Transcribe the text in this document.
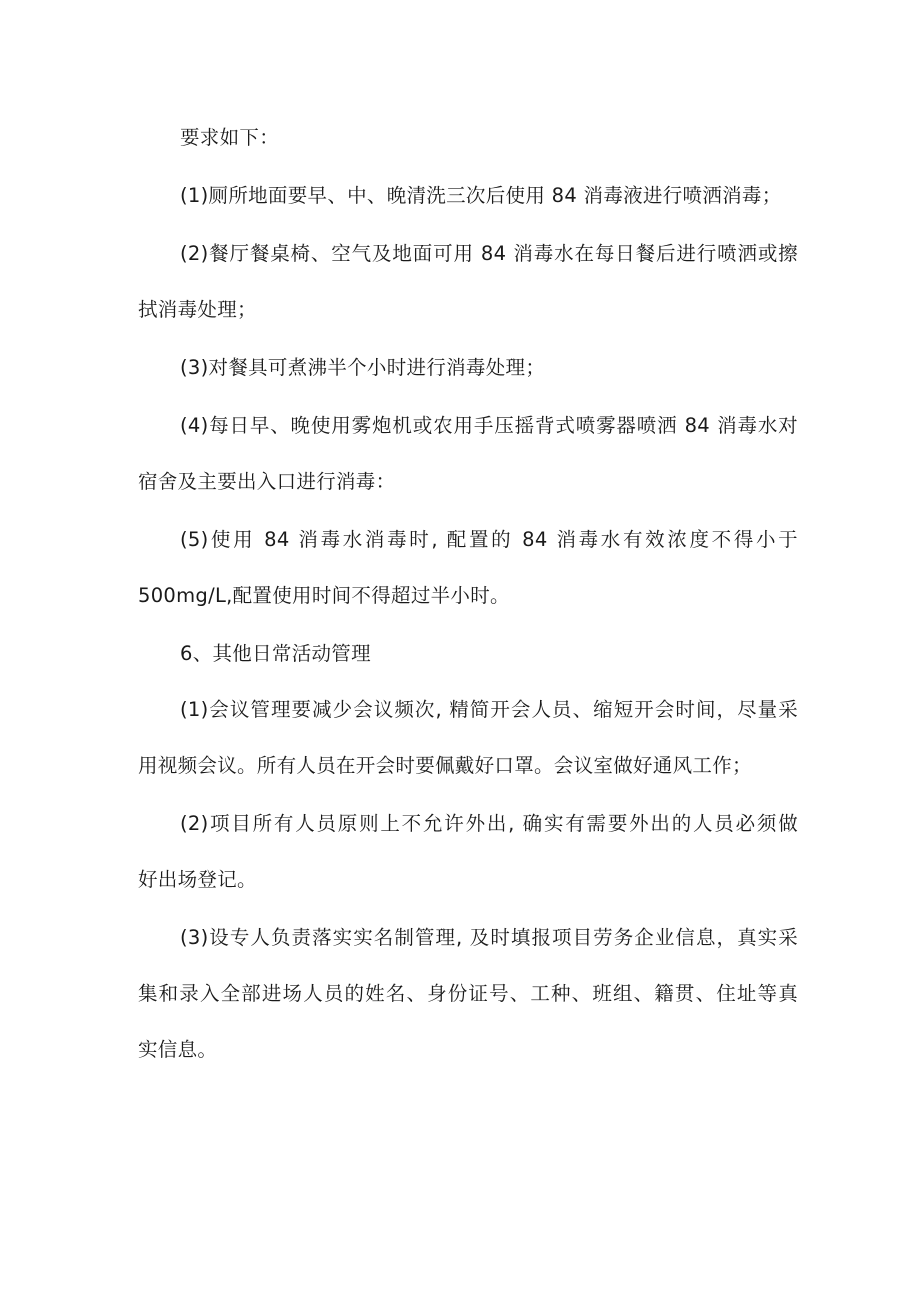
要求如下：
(1)厕所地面要早、中、晚清洗三次后使用 84 消毒液进行喷洒消毒；
(2)餐厅餐桌椅、空气及地面可用 84 消毒水在每日餐后进行喷洒或擦
拭消毒处理；
(3)对餐具可煮沸半个小时进行消毒处理；
(4)每日早、晚使用雾炮机或农用手压摇背式喷雾器喷洒 84 消毒水对
宿舍及主要出入口进行消毒：
(5)使用 84 消毒水消毒时, 配置的 84 消毒水有效浓度不得小于
500mg/L,配置使用时间不得超过半小时。
6、其他日常活动管理
(1)会议管理要减少会议频次, 精简开会人员、缩短开会时间，尽量采
用视频会议。所有人员在开会时要佩戴好口罩。会议室做好通风工作；
(2)项目所有人员原则上不允许外出, 确实有需要外出的人员必须做
好出场登记。
(3)设专人负责落实实名制管理, 及时填报项目劳务企业信息，真实采
集和录入全部进场人员的姓名、身份证号、工种、班组、籍贯、住址等真
实信息。
